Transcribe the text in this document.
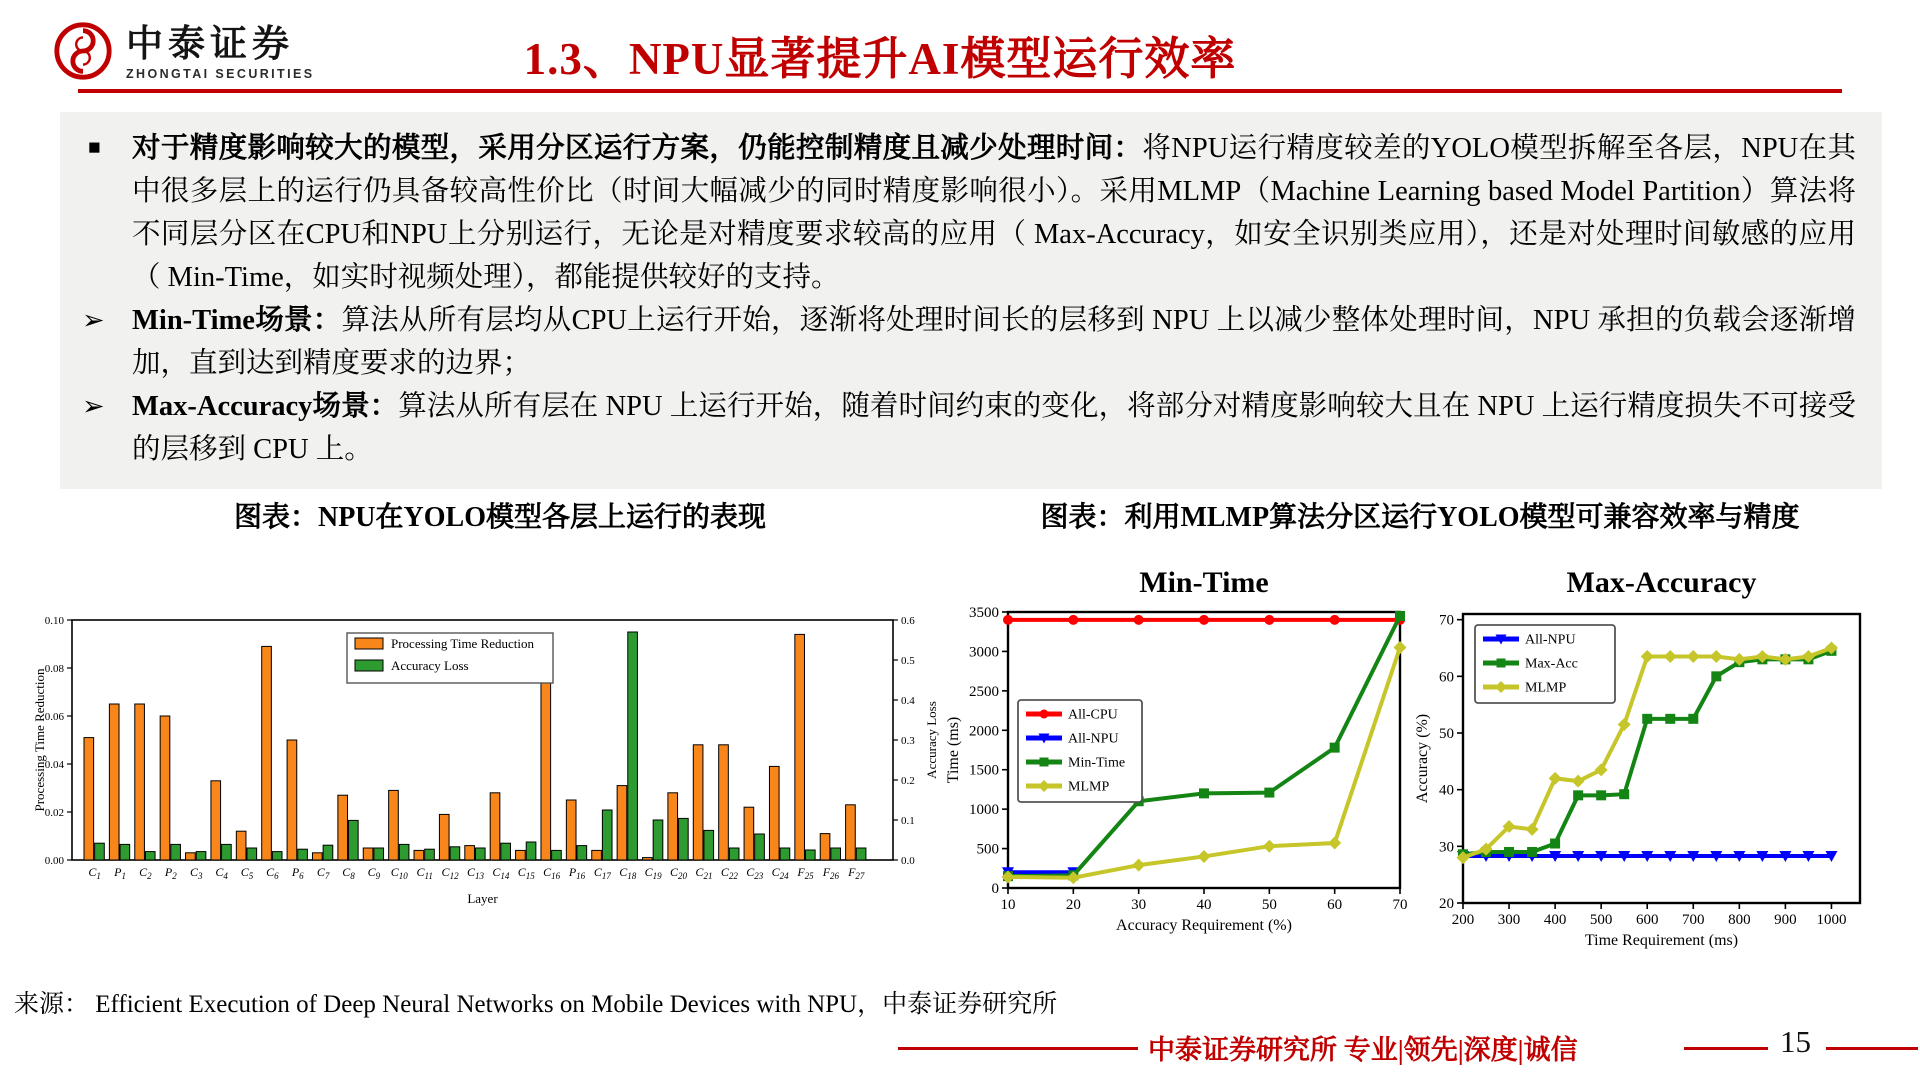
中泰证券
ZHONGTAI SECURITIES	1.3、NPU显著提升AI模型运行效率
■ 对于精度影响较大的模型，采用分区运行方案，仍能控制精度且减少处理时间：将NPU运行精度较差的YOLO模型拆解至各层，NPU在其中很多层上的运行仍具备较高性价比（时间大幅减少的同时精度影响很小）。采用MLMP（Machine Learning based Model Partition）算法将不同层分区在CPU和NPU上分别运行，无论是对精度要求较高的应用（ Max-Accuracy，如安全识别类应用），还是对处理时间敏感的应用（ Min-Time，如实时视频处理），都能提供较好的支持。
➢ Min-Time场景：算法从所有层均从CPU上运行开始，逐渐将处理时间长的层移到 NPU 上以减少整体处理时间，NPU 承担的负载会逐渐增加，直到达到精度要求的边界；
➢ Max-Accuracy场景：算法从所有层在 NPU 上运行开始，随着时间约束的变化，将部分对精度影响较大且在 NPU 上运行精度损失不可接受的层移到 CPU 上。
图表：NPU在YOLO模型各层上运行的表现	图表：利用MLMP算法分区运行YOLO模型可兼容效率与精度
0.00
0.02
0.04
0.06
0.08
0.10
0.0
0.1
0.2
0.3
0.4
0.5
0.6
Processing Time Reduction	Accuracy Loss
Layer
$C_1$ $P_1$ $C_2$ $P_2$ $C_3$ $C_4$ $C_5$ $C_6$ $P_6$ $C_7$ $C_8$ $C_9$ $C_{10}$ $C_{11}$ $C_{12}$ $C_{13}$ $C_{14}$ $C_{15}$ $C_{16}$ $P_{16}$ $C_{17}$ $C_{18}$ $C_{19}$ $C_{20}$ $C_{21}$ $C_{22}$ $C_{23}$ $C_{24}$ $F_{25}$ $F_{26}$ $F_{27}$
Processing Time Reduction
Accuracy Loss
10	20	30	40	50	60	70
0
500
1000
1500
2000
2500
3000
3500
Accuracy Requirement (%)
Time (ms)
Min-Time
All-CPU
All-NPU
Min-Time
MLMP
200 300 400 500 600 700 800 900 1000
20
30
40
50
60
70
Time Requirement (ms)
Accuracy (%)
Max-Accuracy
All-NPU
Max-Acc
MLMP
来源： Efficient Execution of Deep Neural Networks on Mobile Devices with NPU，中泰证券研究所
中泰证券研究所 专业|领先|深度|诚信	15
